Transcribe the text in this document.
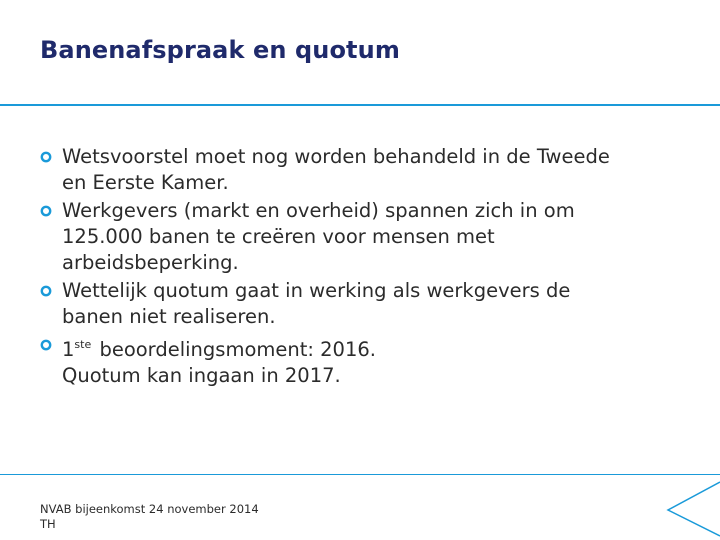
Banenafspraak en quotum
Wetsvoorstel moet nog worden behandeld in de Tweede
en Eerste Kamer.
Werkgevers (markt en overheid) spannen zich in om
125.000 banen te creëren voor mensen met
arbeidsbeperking.
Wettelijk quotum gaat in werking als werkgevers de
banen niet realiseren.
1ste beoordelingsmoment: 2016.
Quotum kan ingaan in 2017.
NVAB bijeenkomst 24 november 2014
TH
